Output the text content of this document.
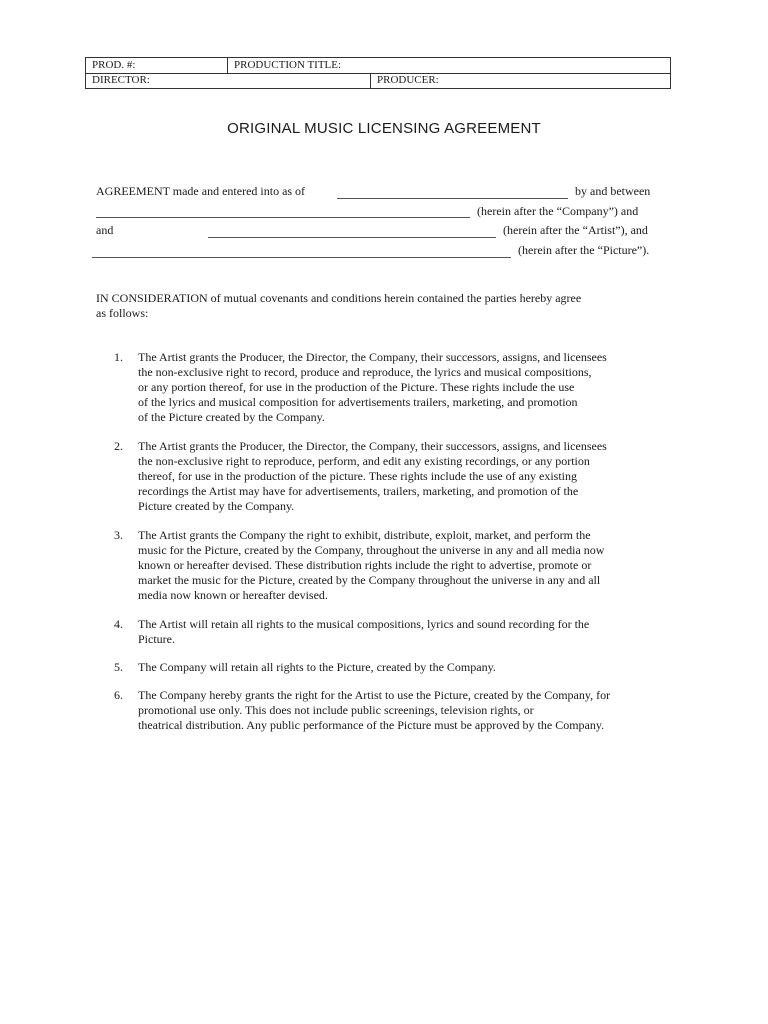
PROD. #:	PRODUCTION TITLE:
DIRECTOR:	PRODUCER:
ORIGINAL MUSIC LICENSING AGREEMENT
AGREEMENT made and entered into as of	by and between
(herein after the “Company”) and
and	(herein after the “Artist”), and
(herein after the “Picture”).
IN CONSIDERATION of mutual covenants and conditions herein contained the parties hereby agree
as follows:
1. The Artist grants the Producer, the Director, the Company, their successors, assigns, and licensees
the non-exclusive right to record, produce and reproduce, the lyrics and musical compositions,
or any portion thereof, for use in the production of the Picture. These rights include the use
of the lyrics and musical composition for advertisements trailers, marketing, and promotion
of the Picture created by the Company.
2. The Artist grants the Producer, the Director, the Company, their successors, assigns, and licensees
the non-exclusive right to reproduce, perform, and edit any existing recordings, or any portion
thereof, for use in the production of the picture. These rights include the use of any existing
recordings the Artist may have for advertisements, trailers, marketing, and promotion of the
Picture created by the Company.
3. The Artist grants the Company the right to exhibit, distribute, exploit, market, and perform the
music for the Picture, created by the Company, throughout the universe in any and all media now
known or hereafter devised. These distribution rights include the right to advertise, promote or
market the music for the Picture, created by the Company throughout the universe in any and all
media now known or hereafter devised.
4. The Artist will retain all rights to the musical compositions, lyrics and sound recording for the
Picture.
5. The Company will retain all rights to the Picture, created by the Company.
6. The Company hereby grants the right for the Artist to use the Picture, created by the Company, for
promotional use only. This does not include public screenings, television rights, or
theatrical distribution. Any public performance of the Picture must be approved by the Company.
